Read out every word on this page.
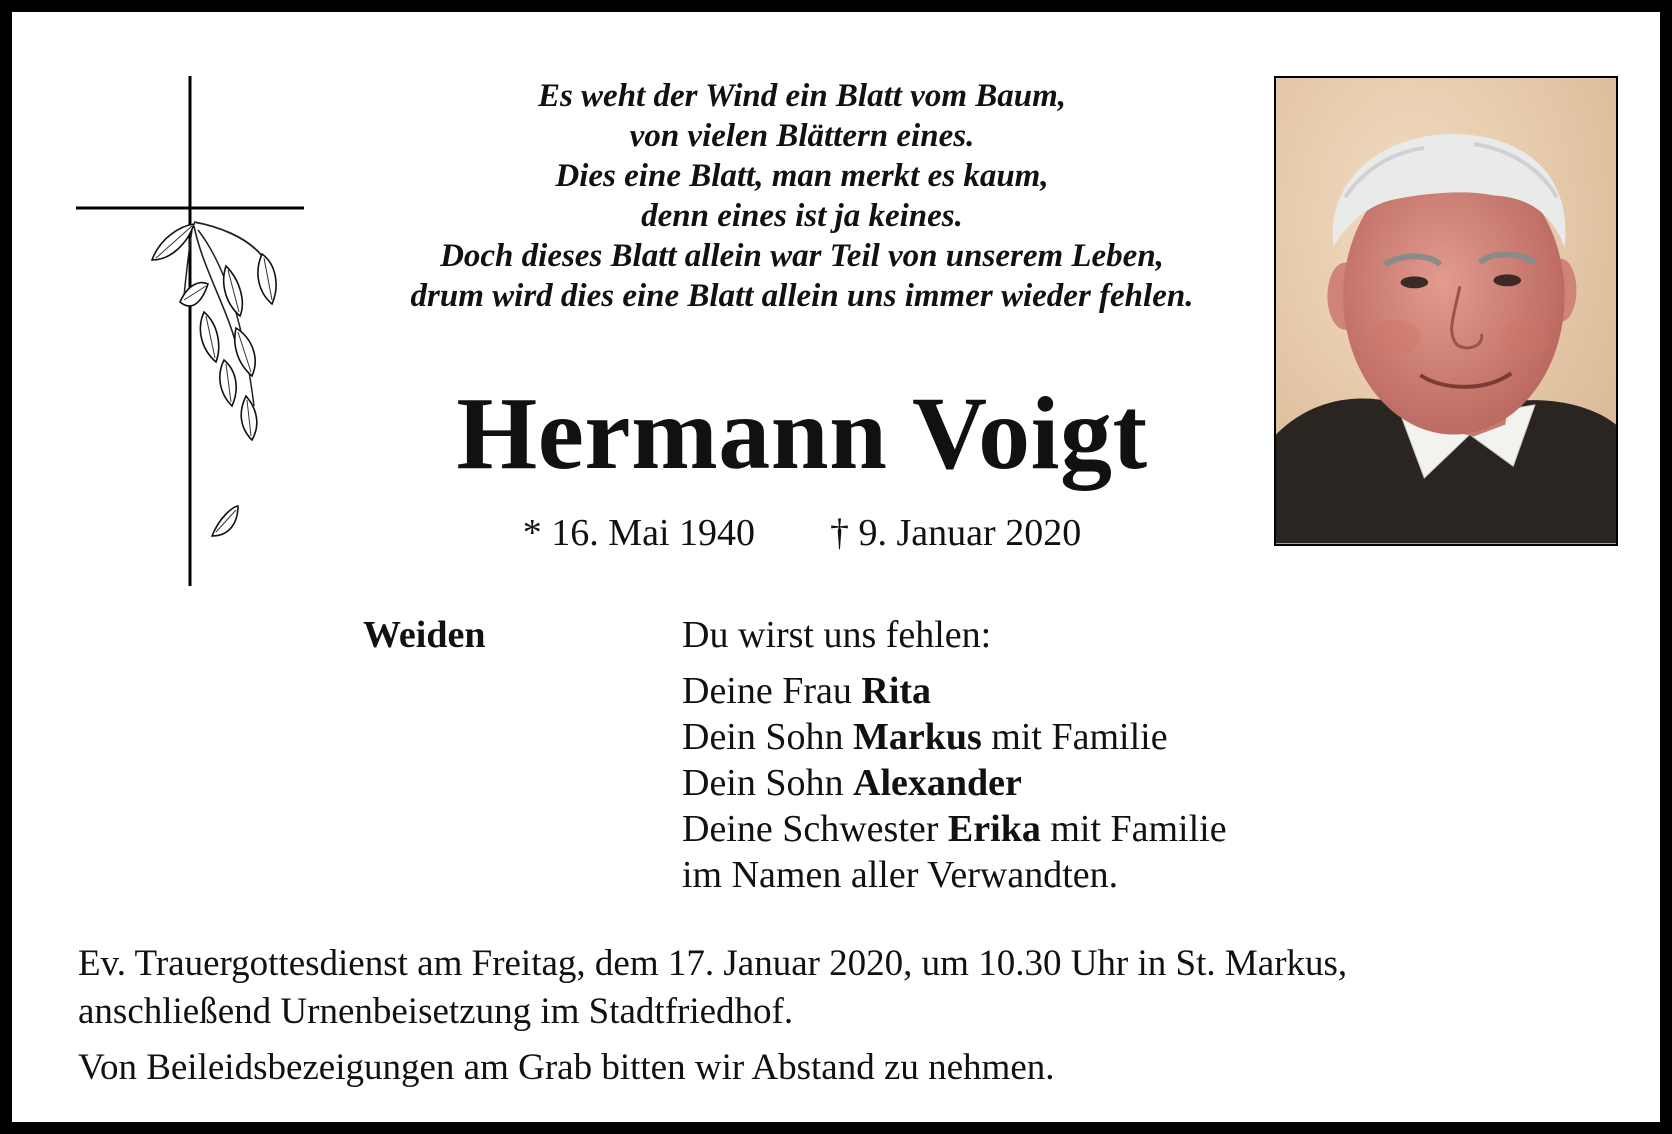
Es weht der Wind ein Blatt vom Baum,
von vielen Blättern eines.
Dies eine Blatt, man merkt es kaum,
denn eines ist ja keines.
Doch dieses Blatt allein war Teil von unserem Leben,
drum wird dies eine Blatt allein uns immer wieder fehlen.
Hermann Voigt
* 16. Mai 1940 † 9. Januar 2020
Weiden	Du wirst uns fehlen:
Deine Frau Rita
Dein Sohn Markus mit Familie
Dein Sohn Alexander
Deine Schwester Erika mit Familie
im Namen aller Verwandten.
Ev. Trauergottesdienst am Freitag, dem 17. Januar 2020, um 10.30 Uhr in St. Markus,
anschließend Urnenbeisetzung im Stadtfriedhof.
Von Beileidsbezeigungen am Grab bitten wir Abstand zu nehmen.
